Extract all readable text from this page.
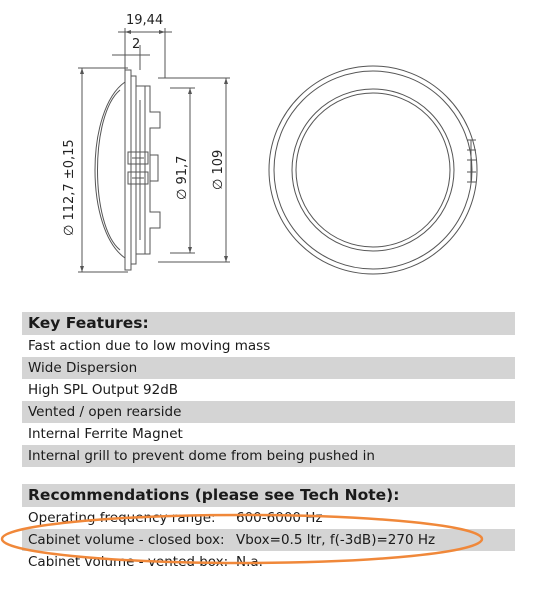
19,44
2
∅ 112,7 ±0,15	∅ 91,7 ∅ 109
Key Features:
Fast action due to low moving mass
Wide Dispersion
High SPL Output 92dB
Vented / open rearside
Internal Ferrite Magnet
Internal grill to prevent dome from being pushed in
Recommendations (please see Tech Note):
Operating frequency range: 600-6000 Hz
Cabinet volume - closed box: Vbox=0.5 ltr, f(-3dB)=270 Hz
Cabinet volume - vented box: N.a.
